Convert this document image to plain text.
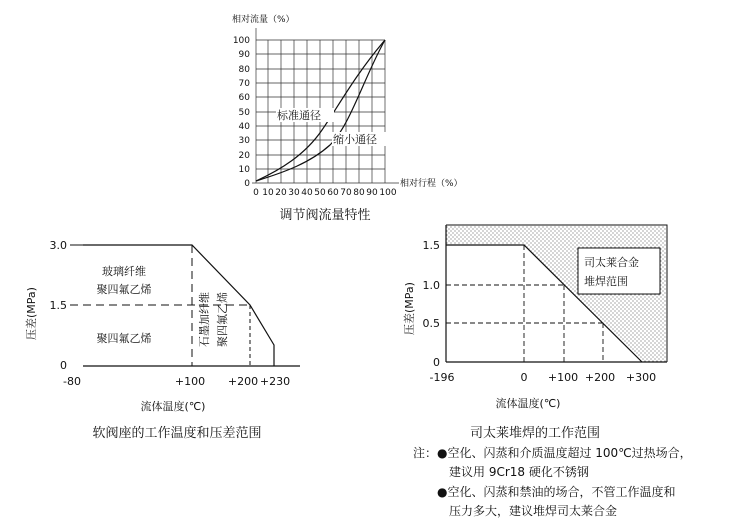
相对流量（%）
0
10
20
30
40
50
60
70
80
90
100
0 10 20 30 40 50 60 70 80 90 100
相对行程（%）
标准通径
缩小通径
调节阀流量特性
3.0
1.5
0
-80	+100 +200 +230
压差(MPa)
玻璃纤维
聚四氟乙烯
聚四氟乙烯	石墨加纤维 聚四氟乙烯
流体温度(℃)
软阀座的工作温度和压差范围
1.5
1.0
0.5
0
-196	0 +100 +200 +300
压差(MPa)
司太莱合金
堆焊范围
流体温度(℃)
司太莱堆焊的工作范围
注： ●空化、闪蒸和介质温度超过 100℃过热场合，
建议用 9Cr18 硬化不锈钢
●空化、闪蒸和禁油的场合，不管工作温度和
压力多大，建议堆焊司太莱合金
